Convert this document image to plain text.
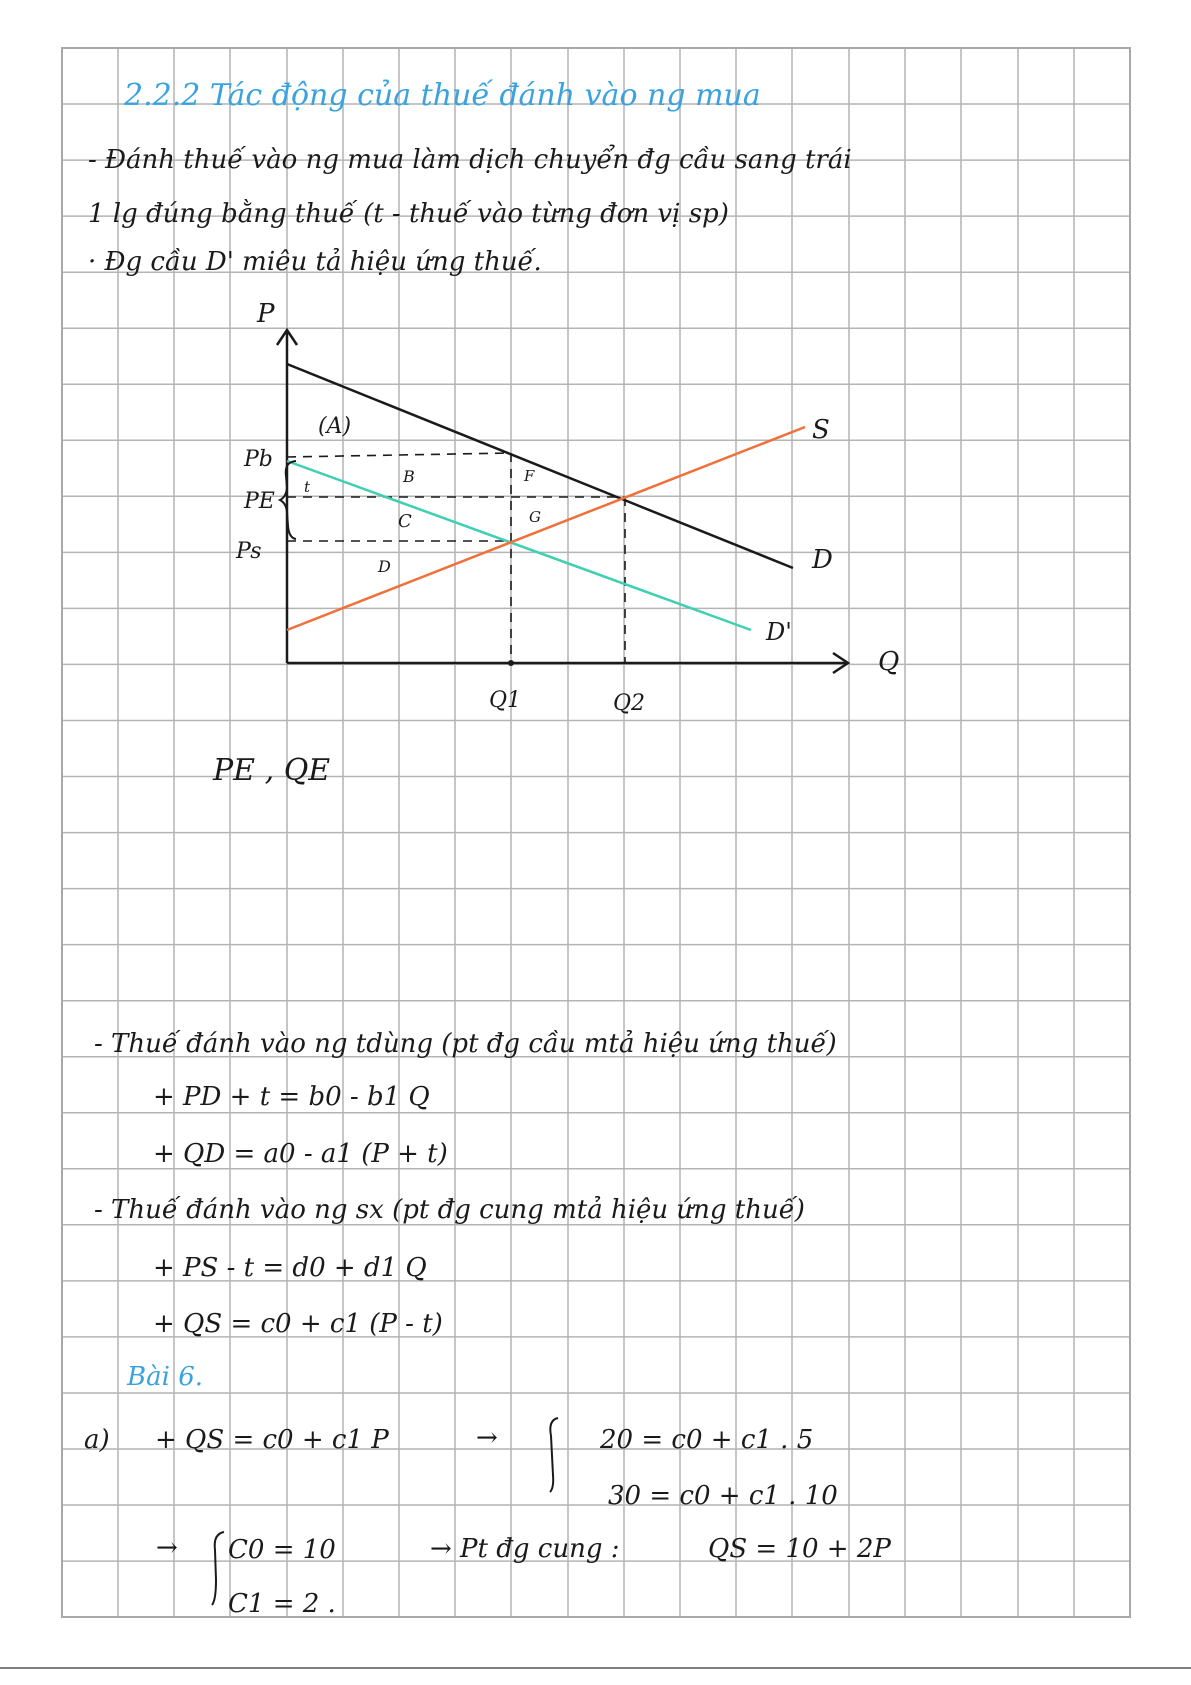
2.2.2 Tác động của thuế đánh vào ng mua
- Đánh thuế vào ng mua làm dịch chuyển đg cầu sang trái
1 lg đúng bằng thuế (t - thuế vào từng đơn vị sp)
· Đg cầu D' miêu tả hiệu ứng thuế.
P
Q
(A)
B
C
D
F
G
t
Pb
PE
Ps
S
D
D'
Q1	Q2
PE , QE
- Thuế đánh vào ng tdùng (pt đg cầu mtả hiệu ứng thuế)
+ PD + t = b0 - b1 Q
+ QD = a0 - a1 (P + t)
- Thuế đánh vào ng sx (pt đg cung mtả hiệu ứng thuế)
+ PS - t = d0 + d1 Q
+ QS = c0 + c1 (P - t)
Bài 6.
a) + QS = c0 + c1 P	→	20 = c0 + c1 . 5
30 = c0 + c1 . 10
→ C0 = 10
C1 = 2 .
→ Pt đg cung :	QS = 10 + 2P
